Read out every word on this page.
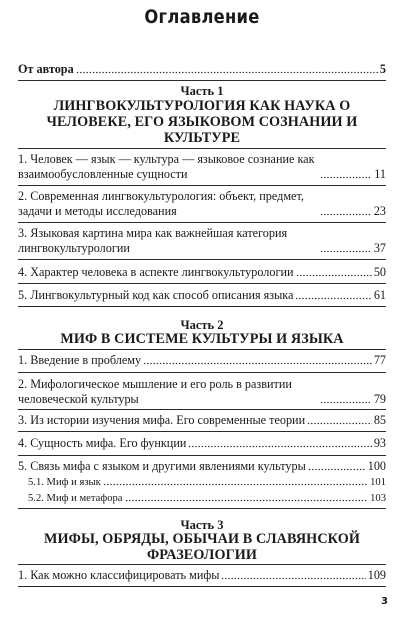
Оглавление
От автора	5
Часть 1
ЛИНГВОКУЛЬТУРОЛОГИЯ КАК НАУКА О ЧЕЛОВЕКЕ, ЕГО ЯЗЫКОВОМ СОЗНАНИИ И КУЛЬТУРЕ
1. Человек — язык — культура — языковое сознание как взаимообусловленные сущности	11
2. Современная лингвокультурология: объект, предмет, задачи и методы исследования	23
3. Языковая картина мира как важнейшая категория лингвокультурологии	37
4. Характер человека в аспекте лингвокультурологии	50
5. Лингвокультурный код как способ описания языка	61
Часть 2
МИФ В СИСТЕМЕ КУЛЬТУРЫ И ЯЗЫКА
1. Введение в проблему	77
2. Мифологическое мышление и его роль в развитии человеческой культуры	79
3. Из истории изучения мифа. Его современные теории	85
4. Сущность мифа. Его функции	93
5. Связь мифа с языком и другими явлениями культуры	100
5.1. Миф и язык	101
5.2. Миф и метафора	103
Часть 3
МИФЫ, ОБРЯДЫ, ОБЫЧАИ В СЛАВЯНСКОЙ ФРАЗЕОЛОГИИ
1. Как можно классифицировать мифы	109
3
